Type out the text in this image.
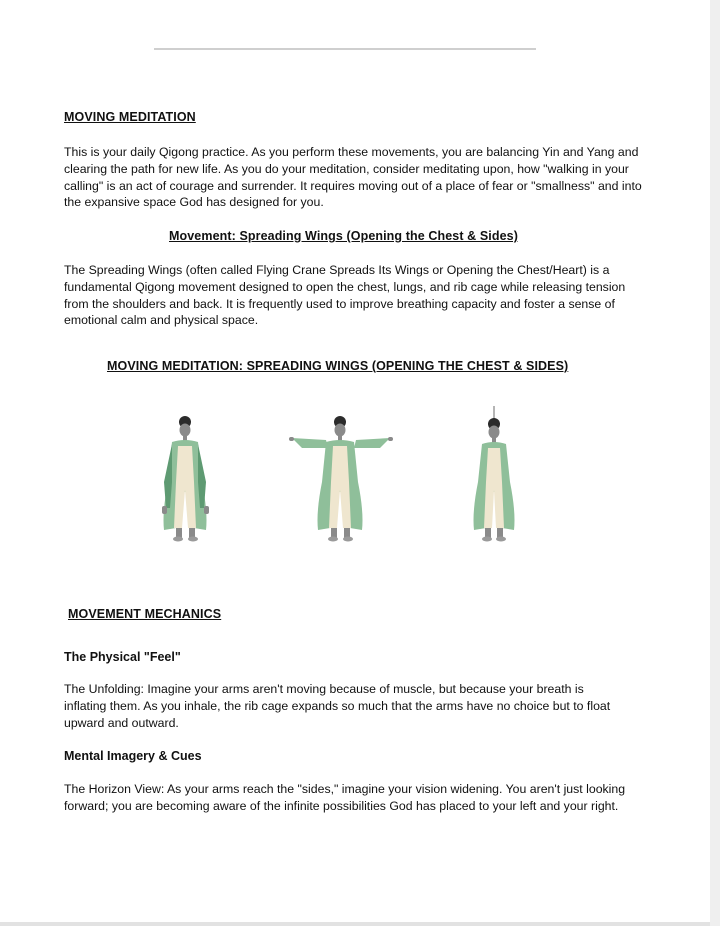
MOVING MEDITATION

This is your daily Qigong practice. As you perform these movements, you are balancing Yin and Yang and clearing the path for new life. As you do your meditation, consider meditating upon, how "walking in your calling" is an act of courage and surrender. It requires moving out of a place of fear or "smallness" and into the expansive space God has designed for you.

Movement: Spreading Wings (Opening the Chest & Sides)

The Spreading Wings (often called Flying Crane Spreads Its Wings or Opening the Chest/Heart) is a fundamental Qigong movement designed to open the chest, lungs, and rib cage while releasing tension from the shoulders and back. It is frequently used to improve breathing capacity and foster a sense of emotional calm and physical space.

MOVING MEDITATION: SPREADING WINGS (OPENING THE CHEST & SIDES)
MOVEMENT MECHANICS
The Physical "Feel"

The Unfolding: Imagine your arms aren't moving because of muscle, but because your breath is inflating them. As you inhale, the rib cage expands so much that the arms have no choice but to float upward and outward.

Mental Imagery & Cues

The Horizon View: As your arms reach the "sides," imagine your vision widening. You aren't just looking forward; you are becoming aware of the infinite possibilities God has placed to your left and your right.
